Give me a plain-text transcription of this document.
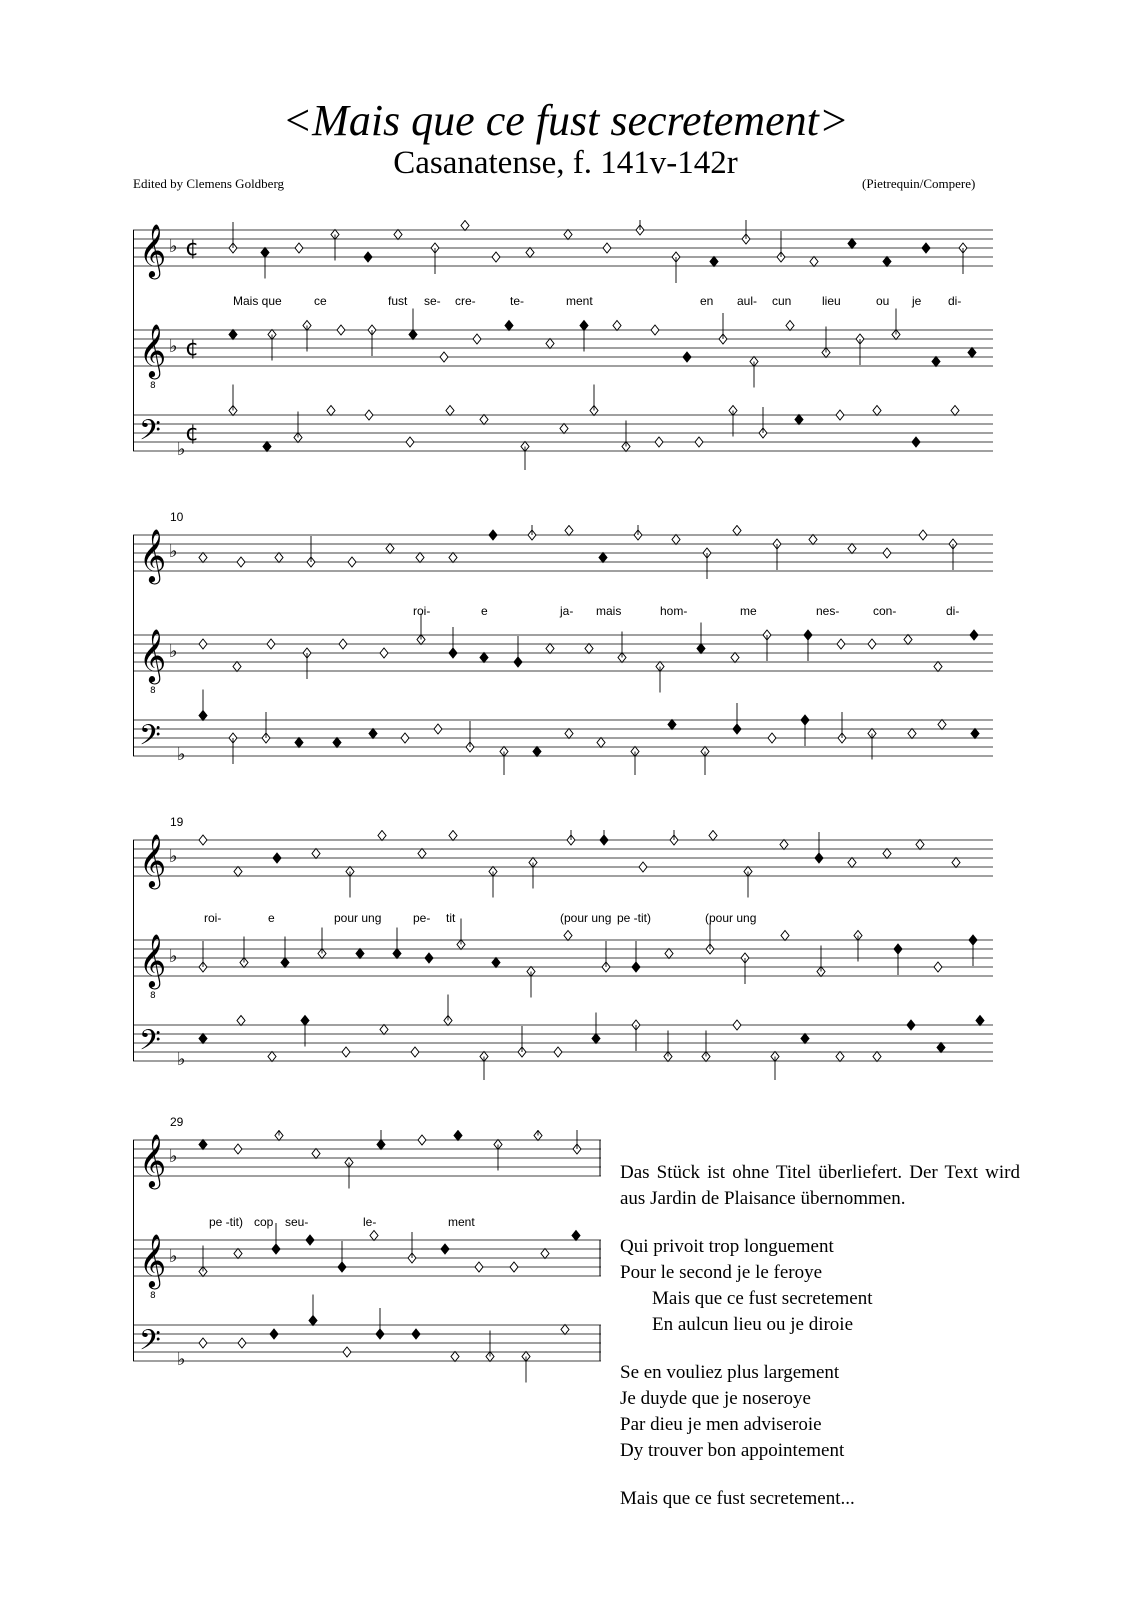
<Mais que ce fust secretement>
Casanatense, f. 141v-142r
Edited by Clemens Goldberg	(Pietrequin/Compere)
𝄞 ♭ ¢
𝄞 ♭ ¢
8
𝄢 ♭
¢
Mais que	ce	fust se- cre-	te-	ment	en aul- cun	lieu	ou je di-
10
𝄞 ♭
𝄞 ♭
8
𝄢 ♭
roi-	e	ja- mais	hom-	me	nes-	con-	di-
19
𝄞 ♭
𝄞 ♭
8
𝄢 ♭
roi-	e	pour ung	pe- tit	(pour ung pe -tit)	(pour ung
29
𝄞 ♭
𝄞 ♭
8
𝄢 ♭
pe -tit) cop seu-	le-	ment

Das Stück ist ohne Titel überliefert. Der Text wird aus Jardin de Plaisance übernommen.

Qui privoit trop longuement

Pour le second je le feroye

Mais que ce fust secretement

En aulcun lieu ou je diroie

Se en vouliez plus largement

Je duyde que je noseroye

Par dieu je men adviseroie

Dy trouver bon appointement

Mais que ce fust secretement...
